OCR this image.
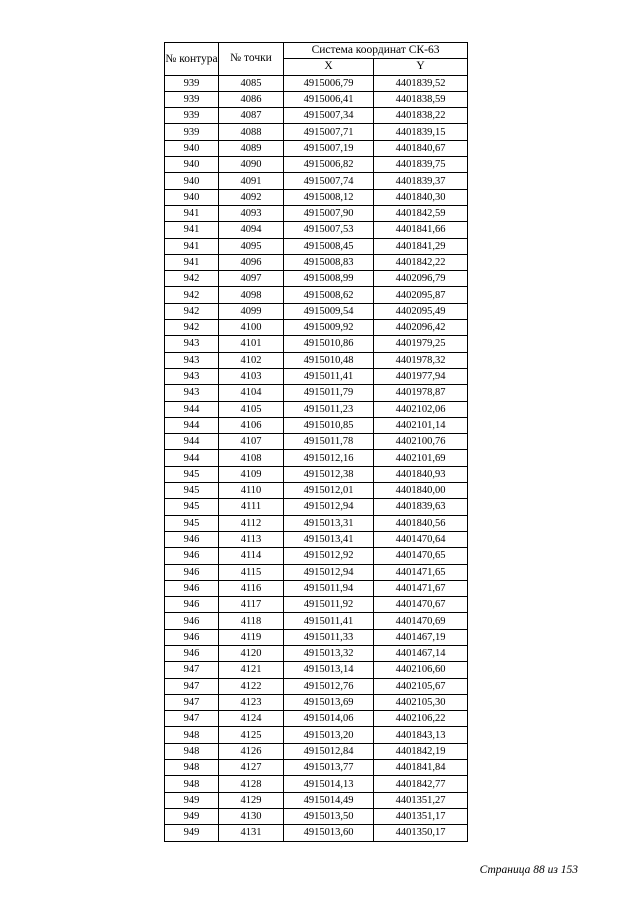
№ контура	№ точки	Система координат СК-63	
		X	Y
939	4085	4915006,79	4401839,52
939	4086	4915006,41	4401838,59
939	4087	4915007,34	4401838,22
939	4088	4915007,71	4401839,15
940	4089	4915007,19	4401840,67
940	4090	4915006,82	4401839,75
940	4091	4915007,74	4401839,37
940	4092	4915008,12	4401840,30
941	4093	4915007,90	4401842,59
941	4094	4915007,53	4401841,66
941	4095	4915008,45	4401841,29
941	4096	4915008,83	4401842,22
942	4097	4915008,99	4402096,79
942	4098	4915008,62	4402095,87
942	4099	4915009,54	4402095,49
942	4100	4915009,92	4402096,42
943	4101	4915010,86	4401979,25
943	4102	4915010,48	4401978,32
943	4103	4915011,41	4401977,94
943	4104	4915011,79	4401978,87
944	4105	4915011,23	4402102,06
944	4106	4915010,85	4402101,14
944	4107	4915011,78	4402100,76
944	4108	4915012,16	4402101,69
945	4109	4915012,38	4401840,93
945	4110	4915012,01	4401840,00
945	4111	4915012,94	4401839,63
945	4112	4915013,31	4401840,56
946	4113	4915013,41	4401470,64
946	4114	4915012,92	4401470,65
946	4115	4915012,94	4401471,65
946	4116	4915011,94	4401471,67
946	4117	4915011,92	4401470,67
946	4118	4915011,41	4401470,69
946	4119	4915011,33	4401467,19
946	4120	4915013,32	4401467,14
947	4121	4915013,14	4402106,60
947	4122	4915012,76	4402105,67
947	4123	4915013,69	4402105,30
947	4124	4915014,06	4402106,22
948	4125	4915013,20	4401843,13
948	4126	4915012,84	4401842,19
948	4127	4915013,77	4401841,84
948	4128	4915014,13	4401842,77
949	4129	4915014,49	4401351,27
949	4130	4915013,50	4401351,17
949	4131	4915013,60	4401350,17
Страница 88 из 153
